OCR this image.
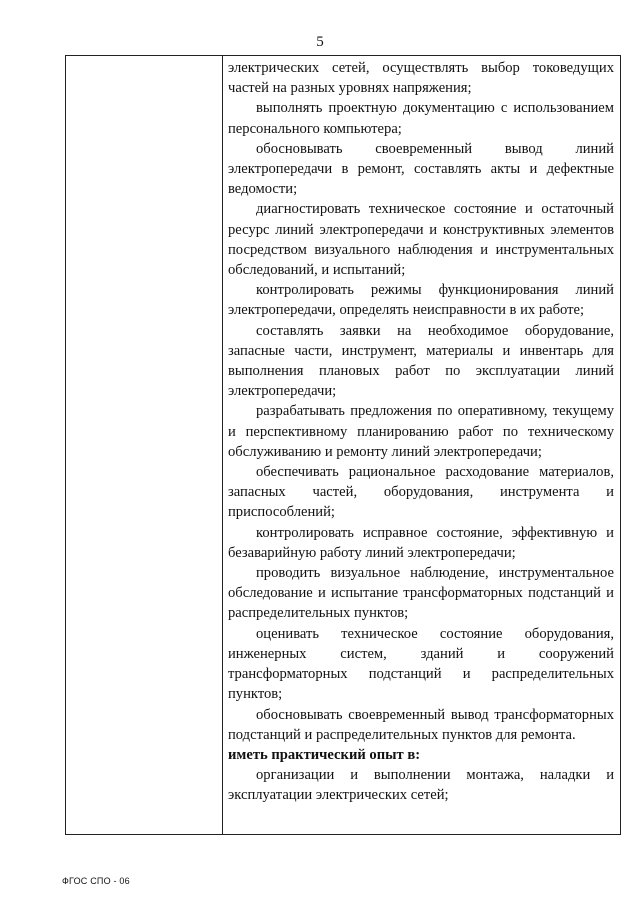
5

электрических сетей, осуществлять выбор токоведущих частей на разных уровнях напряжения;

выполнять проектную документацию с использованием персонального компьютера;

обосновывать своевременный вывод линий электропередачи в ремонт, составлять акты и дефектные ведомости;

диагностировать техническое состояние и остаточный ресурс линий электропередачи и конструктивных элементов посредством визуального наблюдения и инструментальных обследований, и испытаний;

контролировать режимы функционирования линий электропередачи, определять неисправности в их работе;

составлять заявки на необходимое оборудование, запасные части, инструмент, материалы и инвентарь для выполнения плановых работ по эксплуатации линий электропередачи;

разрабатывать предложения по оперативному, текущему и перспективному планированию работ по техническому обслуживанию и ремонту линий электропередачи;

обеспечивать рациональное расходование материалов, запасных частей, оборудования, инструмента и приспособлений;

контролировать исправное состояние, эффективную и безаварийную работу линий электропередачи;

проводить визуальное наблюдение, инструментальное обследование и испытание трансформаторных подстанций и распределительных пунктов;

оценивать техническое состояние оборудования, инженерных систем, зданий и сооружений трансформаторных подстанций и распределительных пунктов;

обосновывать своевременный вывод трансформаторных подстанций и распределительных пунктов для ремонта.

иметь практический опыт в:

организации и выполнении монтажа, наладки и эксплуатации электрических сетей;

ФГОС СПО - 06
